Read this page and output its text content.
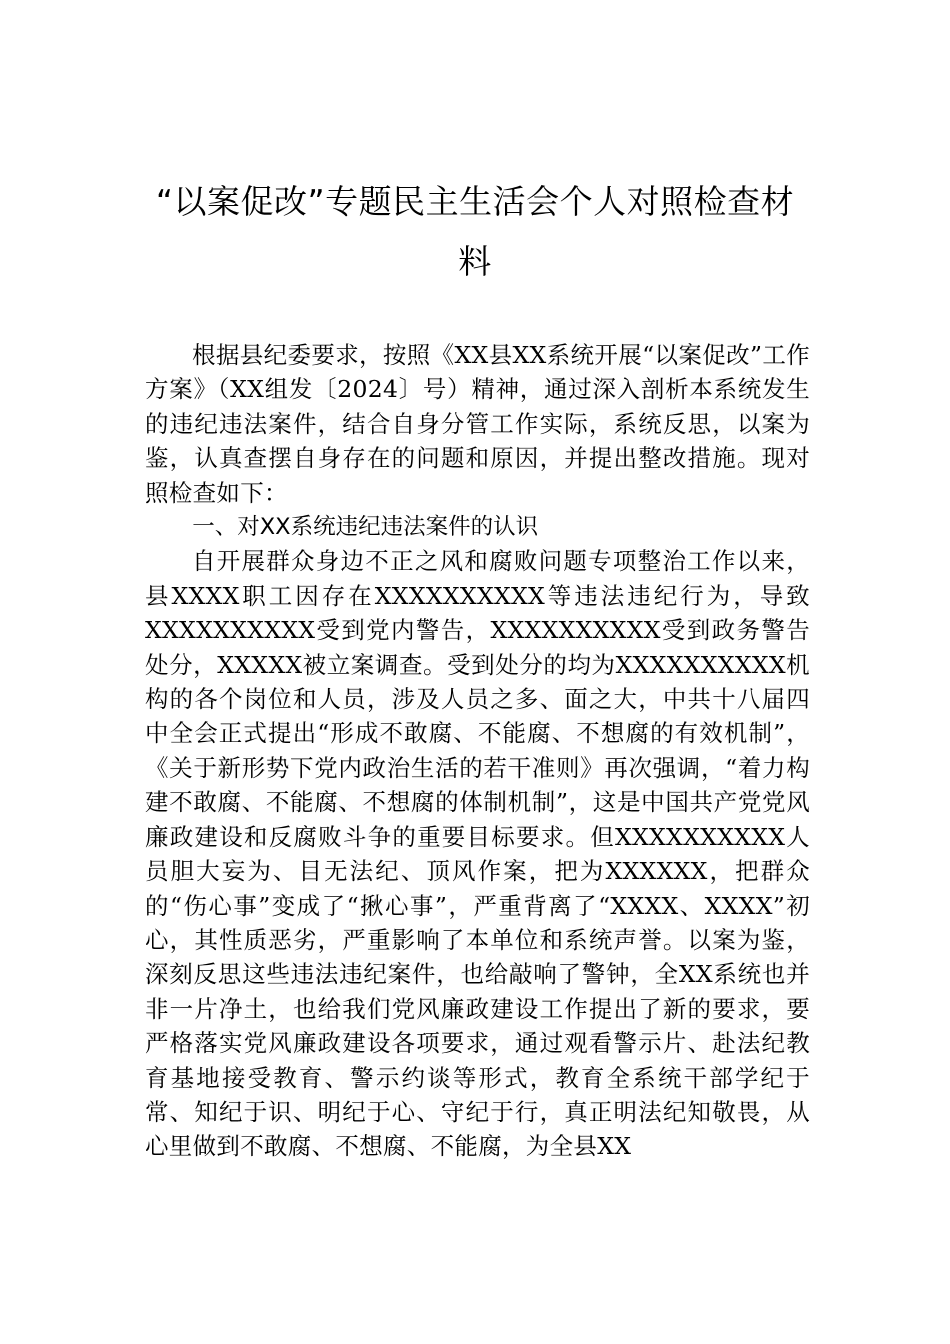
“以案促改”专题民主生活会个人对照检查材料

根据县纪委要求，按照《XX县XX系统开展“以案促改”工作方案》（XX组发〔2024〕号）精神，通过深入剖析本系统发生的违纪违法案件，结合自身分管工作实际，系统反思，以案为鉴，认真查摆自身存在的问题和原因，并提出整改措施。现对照检查如下：

一、对XX系统违纪违法案件的认识

自开展群众身边不正之风和腐败问题专项整治工作以来，县XXXX职工因存在XXXXXXXXXX等违法违纪行为，导致XXXXXXXXXX受到党内警告，XXXXXXXXXX受到政务警告处分，XXXXX被立案调查。受到处分的均为XXXXXXXXXX机构的各个岗位和人员，涉及人员之多、面之大，中共十八届四中全会正式提出“形成不敢腐、不能腐、不想腐的有效机制”，《关于新形势下党内政治生活的若干准则》再次强调，“着力构建不敢腐、不能腐、不想腐的体制机制”，这是中国共产党党风廉政建设和反腐败斗争的重要目标要求。但XXXXXXXXXX人员胆大妄为、目无法纪、顶风作案，把为XXXXXX，把群众的“伤心事”变成了“揪心事”，严重背离了“XXXX、XXXX”初心，其性质恶劣，严重影响了本单位和系统声誉。以案为鉴，深刻反思这些违法违纪案件，也给敲响了警钟，全XX系统也并非一片净土，也给我们党风廉政建设工作提出了新的要求，要严格落实党风廉政建设各项要求，通过观看警示片、赴法纪教育基地接受教育、警示约谈等形式，教育全系统干部学纪于常、知纪于识、明纪于心、守纪于行，真正明法纪知敬畏，从心里做到不敢腐、不想腐、不能腐，为全县XX
